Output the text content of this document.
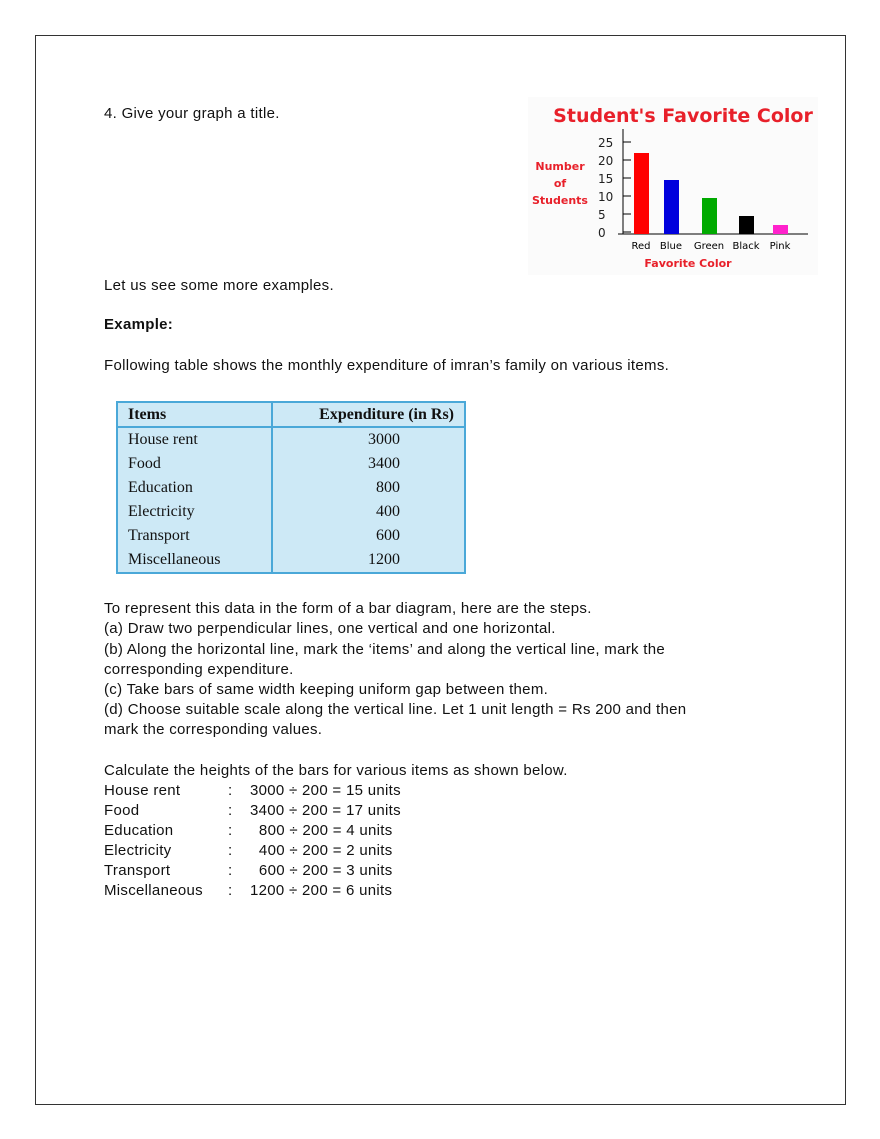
4. Give your graph a title.	Student's Favorite Color
Number
of
Students
0
5
10
15
20
25
Red Blue Green Black Pink
Favorite Color
Let us see some more examples.
Example:
Following table shows the monthly expenditure of imran’s family on various items.
Items	Expenditure (in Rs)
House rent	3000
Food	3400
Education	800
Electricity	400
Transport	600
Miscellaneous	1200
To represent this data in the form of a bar diagram, here are the steps.
(a) Draw two perpendicular lines, one vertical and one horizontal.
(b) Along the horizontal line, mark the ‘items’ and along the vertical line, mark the
corresponding expenditure.
(c) Take bars of same width keeping uniform gap between them.
(d) Choose suitable scale along the vertical line. Let 1 unit length = Rs 200 and then
mark the corresponding values.
Calculate the heights of the bars for various items as shown below.
House rent	:	3000 ÷ 200 = 15 units
Food	:	3400 ÷ 200 = 17 units
Education	:	800 ÷ 200 = 4 units
Electricity	:	400 ÷ 200 = 2 units
Transport	:	600 ÷ 200 = 3 units
Miscellaneous	:	1200 ÷ 200 = 6 units
